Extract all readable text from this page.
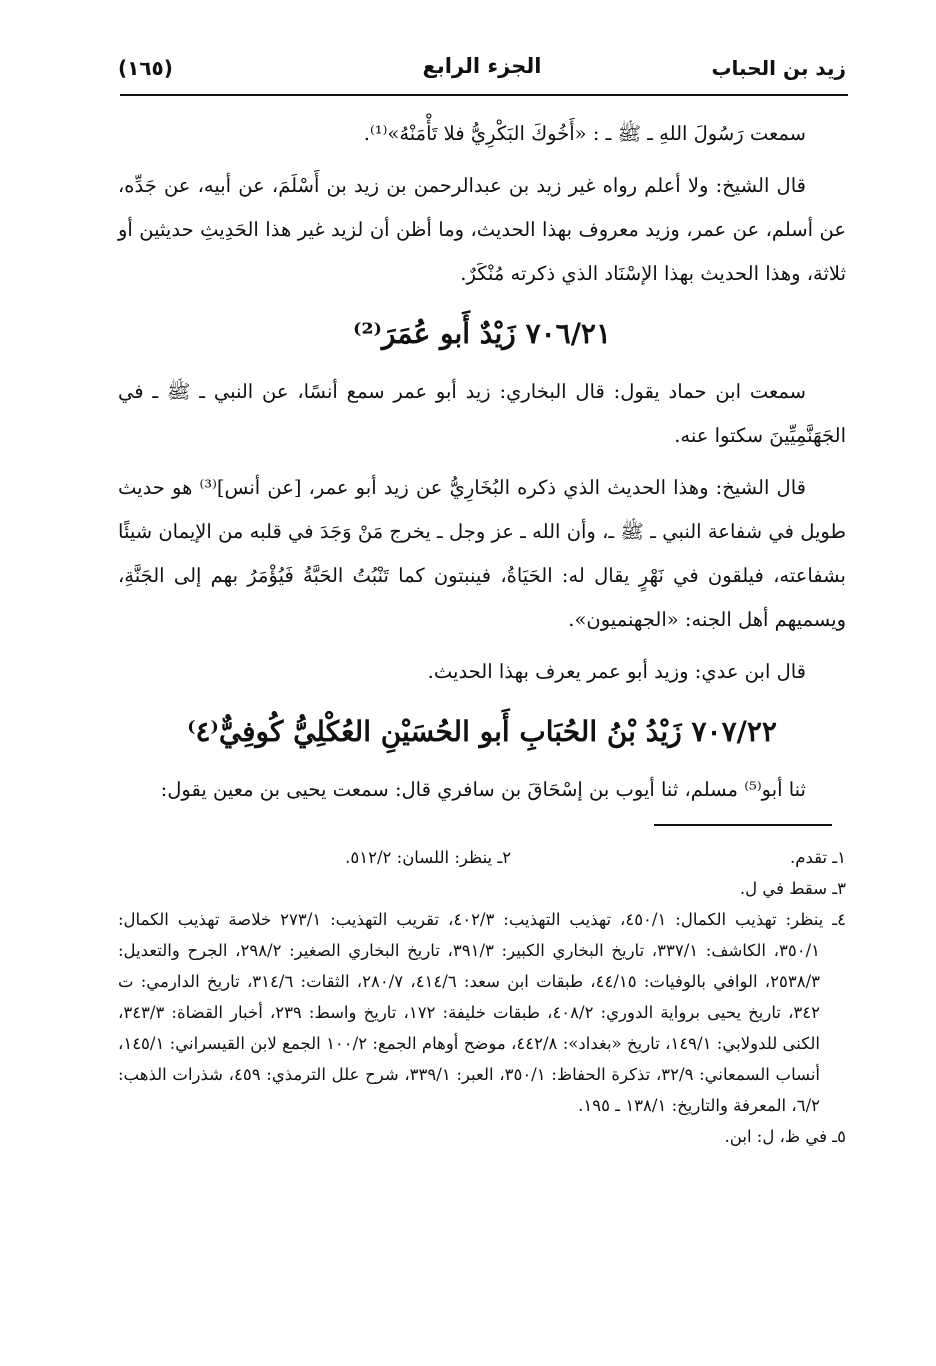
(١٦٥)	الجزء الرابع	زيد بن الحباب

سمعت رَسُولَ اللهِ ـ ﷺ ـ : «أَخُوكَ البَكْرِيُّ فلا تَأْمَنْهُ»⁽¹⁾.

قال الشيخ: ولا أعلم رواه غير زيد بن عبدالرحمن بن زيد بن أَسْلَمَ، عن أبيه، عن جَدِّه، عن أسلم، عن عمر، وزيد معروف بهذا الحديث، وما أظن أن لزيد غير هذا الحَدِيثِ حديثين أو ثلاثة، وهذا الحديث بهذا الإسْنَاد الذي ذكرته مُنْكَرٌ.

٧٠٦/٢١ زَيْدٌ أَبو عُمَرَ⁽²⁾

سمعت ابن حماد يقول: قال البخاري: زيد أبو عمر سمع أنسًا، عن النبي ـ ﷺ ـ في الجَهَنَّمِيِّينَ سكتوا عنه.

قال الشيخ: وهذا الحديث الذي ذكره البُخَارِيُّ عن زيد أبو عمر، [عن أنس]⁽³⁾ هو حديث طويل في شفاعة النبي ـ ﷺ ـ، وأن الله ـ عز وجل ـ يخرج مَنْ وَجَدَ في قلبه من الإيمان شيئًا بشفاعته، فيلقون في نَهْرٍ يقال له: الحَيَاةُ، فينبتون كما تَنْبُتُ الحَبَّةُ فَيُؤْمَرُ بهم إلى الجَنَّةِ، ويسميهم أهل الجنه: «الجهنميون».

قال ابن عدي: وزيد أبو عمر يعرف بهذا الحديث.

٧٠٧/٢٢ زَيْدُ بْنُ الحُبَابِ أَبو الحُسَيْنِ العُكْلِيُّ كُوفِيٌّ⁽٤⁾

ثنا أبو⁽⁵⁾ مسلم، ثنا أيوب بن إسْحَاقَ بن سافري قال: سمعت يحيى بن معين يقول:

١ـ تقدم.
٢ـ ينظر: اللسان: ٥١٢/٢.
٣ـ سقط في ل.
٤ـ ينظر: تهذيب الكمال: ٤٥٠/١، تهذيب التهذيب: ٤٠٢/٣، تقريب التهذيب: ٢٧٣/١ خلاصة تهذيب الكمال: ٣٥٠/١، الكاشف: ٣٣٧/١، تاريخ البخاري الكبير: ٣٩١/٣، تاريخ البخاري الصغير: ٢٩٨/٢، الجرح والتعديل: ٢٥٣٨/٣، الوافي بالوفيات: ٤٤/١٥، طبقات ابن سعد: ٤١٤/٦، ٢٨٠/٧، الثقات: ٣١٤/٦، تاريخ الدارمي: ت ٣٤٢، تاريخ يحيى برواية الدوري: ٤٠٨/٢، طبقات خليفة: ١٧٢، تاريخ واسط: ٢٣٩، أخبار القضاة: ٣٤٣/٣، الكنى للدولابي: ١٤٩/١، تاريخ «بغداد»: ٤٤٢/٨، موضح أوهام الجمع: ١٠٠/٢ الجمع لابن القيسراني: ١٤٥/١، أنساب السمعاني: ٣٢/٩، تذكرة الحفاظ: ٣٥٠/١، العبر: ٣٣٩/١، شرح علل الترمذي: ٤٥٩، شذرات الذهب: ٦/٢، المعرفة والتاريخ: ١٣٨/١ ـ ١٩٥.
٥ـ في ظ، ل: ابن.
